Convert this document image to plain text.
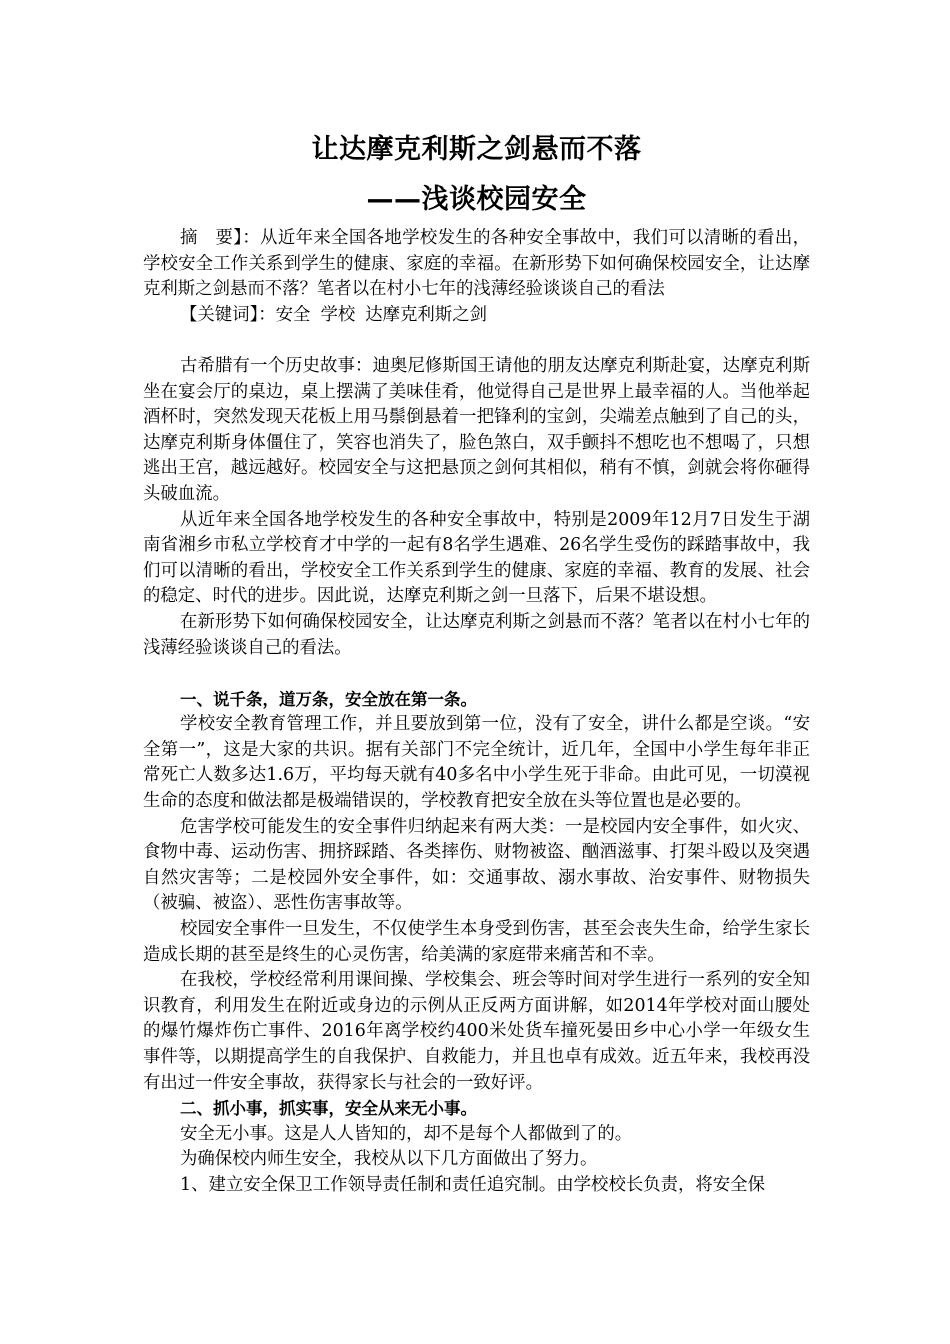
让达摩克利斯之剑悬而不落
——浅谈校园安全

摘　要】：从近年来全国各地学校发生的各种安全事故中，我们可以清晰的看出，学校安全工作关系到学生的健康、家庭的幸福。在新形势下如何确保校园安全，让达摩克利斯之剑悬而不落？笔者以在村小七年的浅薄经验谈谈自己的看法

【关键词】：安全 学校 达摩克利斯之剑

古希腊有一个历史故事：迪奥尼修斯国王请他的朋友达摩克利斯赴宴，达摩克利斯坐在宴会厅的桌边，桌上摆满了美味佳肴，他觉得自己是世界上最幸福的人。当他举起酒杯时，突然发现天花板上用马鬃倒悬着一把锋利的宝剑，尖端差点触到了自己的头，达摩克利斯身体僵住了，笑容也消失了，脸色煞白，双手颤抖不想吃也不想喝了，只想逃出王宫，越远越好。校园安全与这把悬顶之剑何其相似，稍有不慎，剑就会将你砸得头破血流。

从近年来全国各地学校发生的各种安全事故中，特别是2009年12月7日发生于湖南省湘乡市私立学校育才中学的一起有8名学生遇难、26名学生受伤的踩踏事故中，我们可以清晰的看出，学校安全工作关系到学生的健康、家庭的幸福、教育的发展、社会的稳定、时代的进步。因此说，达摩克利斯之剑一旦落下，后果不堪设想。

在新形势下如何确保校园安全，让达摩克利斯之剑悬而不落？笔者以在村小七年的浅薄经验谈谈自己的看法。

一、说千条，道万条，安全放在第一条。

学校安全教育管理工作，并且要放到第一位，没有了安全，讲什么都是空谈。“安全第一”，这是大家的共识。据有关部门不完全统计，近几年，全国中小学生每年非正常死亡人数多达1.6万，平均每天就有40多名中小学生死于非命。由此可见，一切漠视生命的态度和做法都是极端错误的，学校教育把安全放在头等位置也是必要的。

危害学校可能发生的安全事件归纳起来有两大类：一是校园内安全事件，如火灾、食物中毒、运动伤害、拥挤踩踏、各类摔伤、财物被盗、酗酒滋事、打架斗殴以及突遇自然灾害等；二是校园外安全事件，如：交通事故、溺水事故、治安事件、财物损失（被骗、被盗）、恶性伤害事故等。

校园安全事件一旦发生，不仅使学生本身受到伤害，甚至会丧失生命，给学生家长造成长期的甚至是终生的心灵伤害，给美满的家庭带来痛苦和不幸。

在我校，学校经常利用课间操、学校集会、班会等时间对学生进行一系列的安全知识教育，利用发生在附近或身边的示例从正反两方面讲解，如2014年学校对面山腰处的爆竹爆炸伤亡事件、2016年离学校约400米处货车撞死晏田乡中心小学一年级女生事件等，以期提高学生的自我保护、自救能力，并且也卓有成效。近五年来，我校再没有出过一件安全事故，获得家长与社会的一致好评。

二、抓小事，抓实事，安全从来无小事。

安全无小事。这是人人皆知的，却不是每个人都做到了的。

为确保校内师生安全，我校从以下几方面做出了努力。

1、建立安全保卫工作领导责任制和责任追究制。由学校校长负责，将安全保
